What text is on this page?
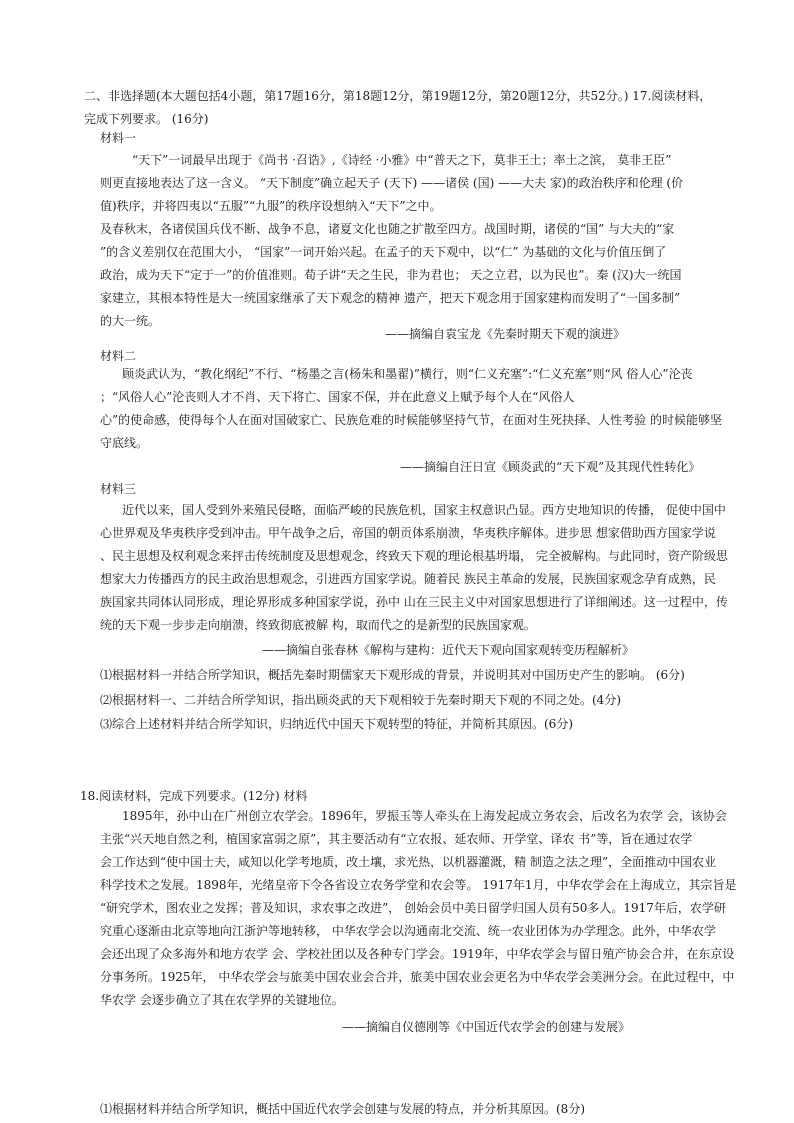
二、非选择题(本大题包括4小题，第17题16分，第18题12分，第19题12分，第20题12分，共52分。) 17.阅读材料，
完成下列要求。 (16分)
材料一
“天下”一词最早出现于《尚书 ·召诰》,《诗经 ·小雅》中“普天之下，莫非王土；率土之滨， 莫非王臣”
则更直接地表达了这一含义。 “天下制度”确立起天子 (天下) ——诸侯 (国) ——大夫 家)的政治秩序和伦理 (价
值)秩序，并将四夷以“五服”“九服”的秩序设想纳入“天下”之中。
及春秋末，各诸侯国兵伐不断、战争不息，诸夏文化也随之扩散至四方。战国时期，诸侯的“国” 与大夫的“家
”的含义差别仅在范围大小， “国家”一词开始兴起。在孟子的天下观中，以“仁” 为基础的文化与价值压倒了
政治，成为天下“定于一”的价值准则。荀子讲“天之生民，非为君也； 天之立君，以为民也”。秦 (汉)大一统国
家建立，其根本特性是大一统国家继承了天下观念的精神 遗产，把天下观念用于国家建构而发明了“一国多制”
的大一统。
——摘编自袁宝龙《先秦时期天下观的演进》
材料二
顾炎武认为，“教化纲纪”不行、“杨墨之言(杨朱和墨翟)”横行，则“仁义充塞”:“仁义充塞”则“风 俗人心”沦丧
；“风俗人心”沦丧则人才不肖、天下将亡、国家不保，并在此意义上赋予每个人在“风俗人
心”的使命感，使得每个人在面对国破家亡、民族危难的时候能够坚持气节，在面对生死抉择、人性考验 的时候能够坚
守底线。
——摘编自汪日宣《顾炎武的“天下观”及其现代性转化》
材料三
近代以来，国人受到外来殖民侵略，面临严峻的民族危机，国家主权意识凸显。西方史地知识的传播， 促使中国中
心世界观及华夷秩序受到冲击。甲午战争之后，帝国的朝贡体系崩溃，华夷秩序解体。进步思 想家借助西方国家学说
、民主思想及权利观念来抨击传统制度及思想观念，终致天下观的理论根基坍塌， 完全被解构。与此同时，资产阶级思
想家大力传播西方的民主政治思想观念，引进西方国家学说。随着民 族民主革命的发展，民族国家观念孕育成熟，民
族国家共同体认同形成，理论界形成多种国家学说，孙中 山在三民主义中对国家思想进行了详细阐述。这一过程中，传
统的天下观一步步走向崩溃，终致彻底被解 构，取而代之的是新型的民族国家观。
——摘编自张春林《解构与建构：近代天下观向国家观转变历程解析》
⑴根据材料一并结合所学知识，概括先秦时期儒家天下观形成的背景，并说明其对中国历史产生的影响。 (6分)
⑵根据材料一、二并结合所学知识，指出顾炎武的天下观相较于先秦时期天下观的不同之处。(4分)
⑶综合上述材料并结合所学知识，归纳近代中国天下观转型的特征，并简析其原因。(6分)
18.阅读材料，完成下列要求。(12分) 材料
1895年，孙中山在广州创立农学会。1896年，罗振玉等人牵头在上海发起成立务农会，后改名为农学 会，该协会
主张“兴天地自然之利，植国家富弱之原”，其主要活动有“立农报、延农师、开学堂、译农 书”等，旨在通过农学
会工作达到“使中国士夫，咸知以化学考地质，改土壤，求光热，以机器灌溉，精 制造之法之理”，全面推动中国农业
科学技术之发展。1898年，光绪皇帝下令各省设立农务学堂和农会等。 1917年1月，中华农学会在上海成立，其宗旨是
“研究学术，图农业之发挥；普及知识，求农事之改进”， 创始会员中美日留学归国人员有50多人。1917年后，农学研
究重心逐渐由北京等地向江浙沪等地转移， 中华农学会以沟通南北交流、统一农业团体为办学理念。此外，中华农学
会还出现了众多海外和地方农学 会、学校社团以及各种专门学会。1919年，中华农学会与留日殖产协会合并，在东京设
分事务所。1925年， 中华农学会与旅美中国农业会合并，旅美中国农业会更名为中华农学会美洲分会。在此过程中，中
华农学 会逐步确立了其在农学界的关键地位。
——摘编自仪德刚等《中国近代农学会的创建与发展》
⑴根据材料并结合所学知识，概括中国近代农学会创建与发展的特点，并分析其原因。(8分)
